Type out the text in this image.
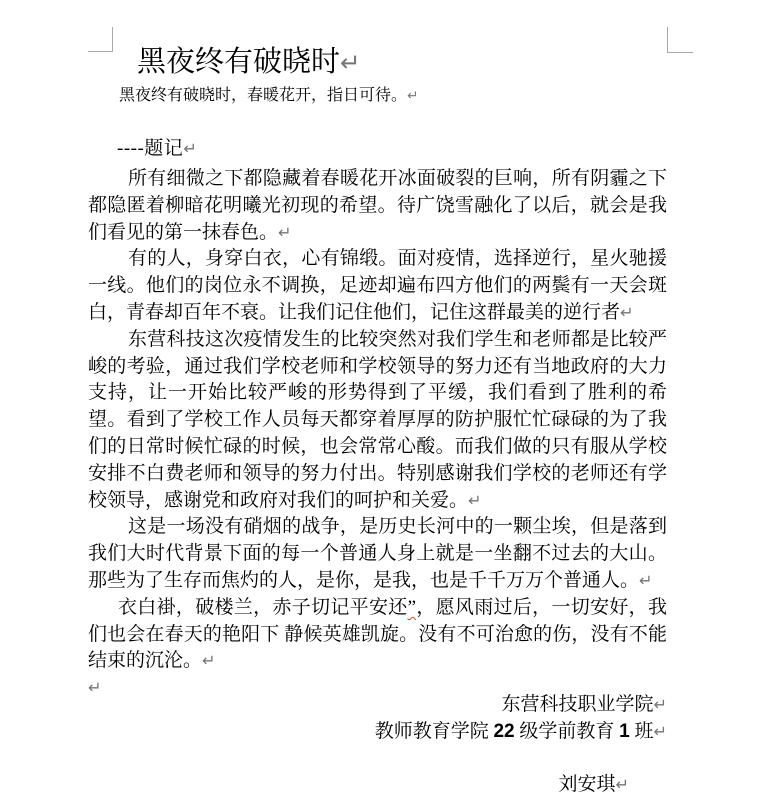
黑夜终有破晓时↵
黑夜终有破晓时，春暖花开，指日可待。↵
----题记↵

所有细微之下都隐藏着春暖花开冰面破裂的巨响，所有阴霾之下都隐匿着柳暗花明曦光初现的希望。待广饶雪融化了以后，就会是我们看见的第一抹春色。↵

有的人，身穿白衣，心有锦缎。面对疫情，选择逆行，星火驰援一线。他们的岗位永不调换，足迹却遍布四方他们的两鬓有一天会斑白，青春却百年不衰。让我们记住他们，记住这群最美的逆行者↵

东营科技这次疫情发生的比较突然对我们学生和老师都是比较严峻的考验，通过我们学校老师和学校领导的努力还有当地政府的大力支持，让一开始比较严峻的形势得到了平缓，我们看到了胜利的希望。看到了学校工作人员每天都穿着厚厚的防护服忙忙碌碌的为了我们的日常时候忙碌的时候，也会常常心酸。而我们做的只有服从学校安排不白费老师和领导的努力付出。特别感谢我们学校的老师还有学校领导，感谢党和政府对我们的呵护和关爱。↵

这是一场没有硝烟的战争，是历史长河中的一颗尘埃，但是落到我们大时代背景下面的每一个普通人身上就是一坐翻不过去的大山。那些为了生存而焦灼的人，是你，是我，也是千千万万个普通人。↵

衣白褂，破楼兰，赤子切记平安还”，愿风雨过后，一切安好，我们也会在春天的艳阳下 静候英雄凯旋。没有不可治愈的伤，没有不能结束的沉沦。↵

↵

东营科技职业学院↵
教师教育学院 22 级学前教育 1 班↵
刘安琪↵
